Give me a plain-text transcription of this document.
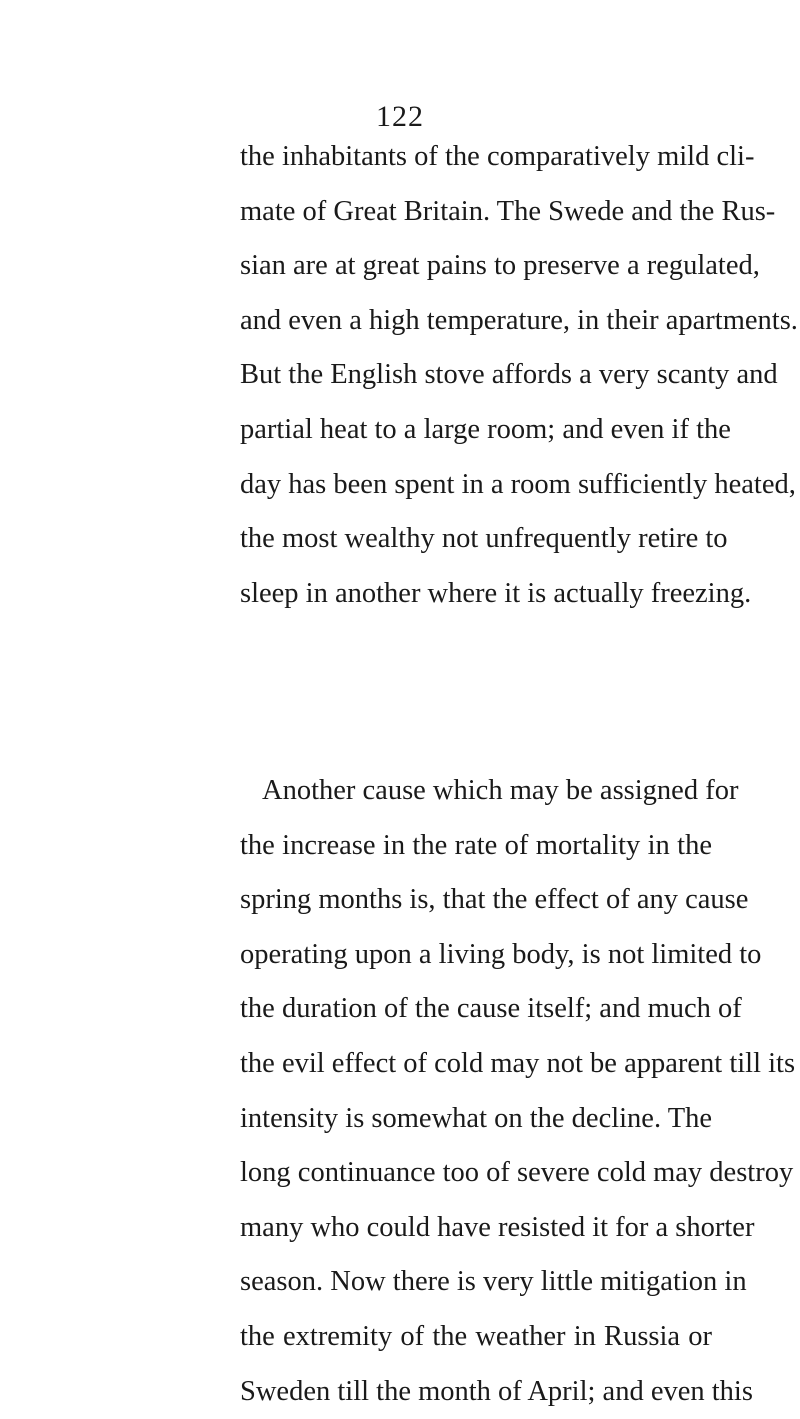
122
the inhabitants of the comparatively mild cli-
mate of Great Britain. The Swede and the Rus-
sian are at great pains to preserve a regulated,
and even a high temperature, in their apartments.
But the English stove affords a very scanty and
partial heat to a large room; and even if the
day has been spent in a room sufficiently heated,
the most wealthy not unfrequently retire to
sleep in another where it is actually freezing.
Another cause which may be assigned for
the increase in the rate of mortality in the
spring months is, that the effect of any cause
operating upon a living body, is not limited to
the duration of the cause itself; and much of
the evil effect of cold may not be apparent till its
intensity is somewhat on the decline. The
long continuance too of severe cold may destroy
many who could have resisted it for a shorter
season. Now there is very little mitigation in
the extremity of the weather in Russia or
Sweden till the month of April; and even this
